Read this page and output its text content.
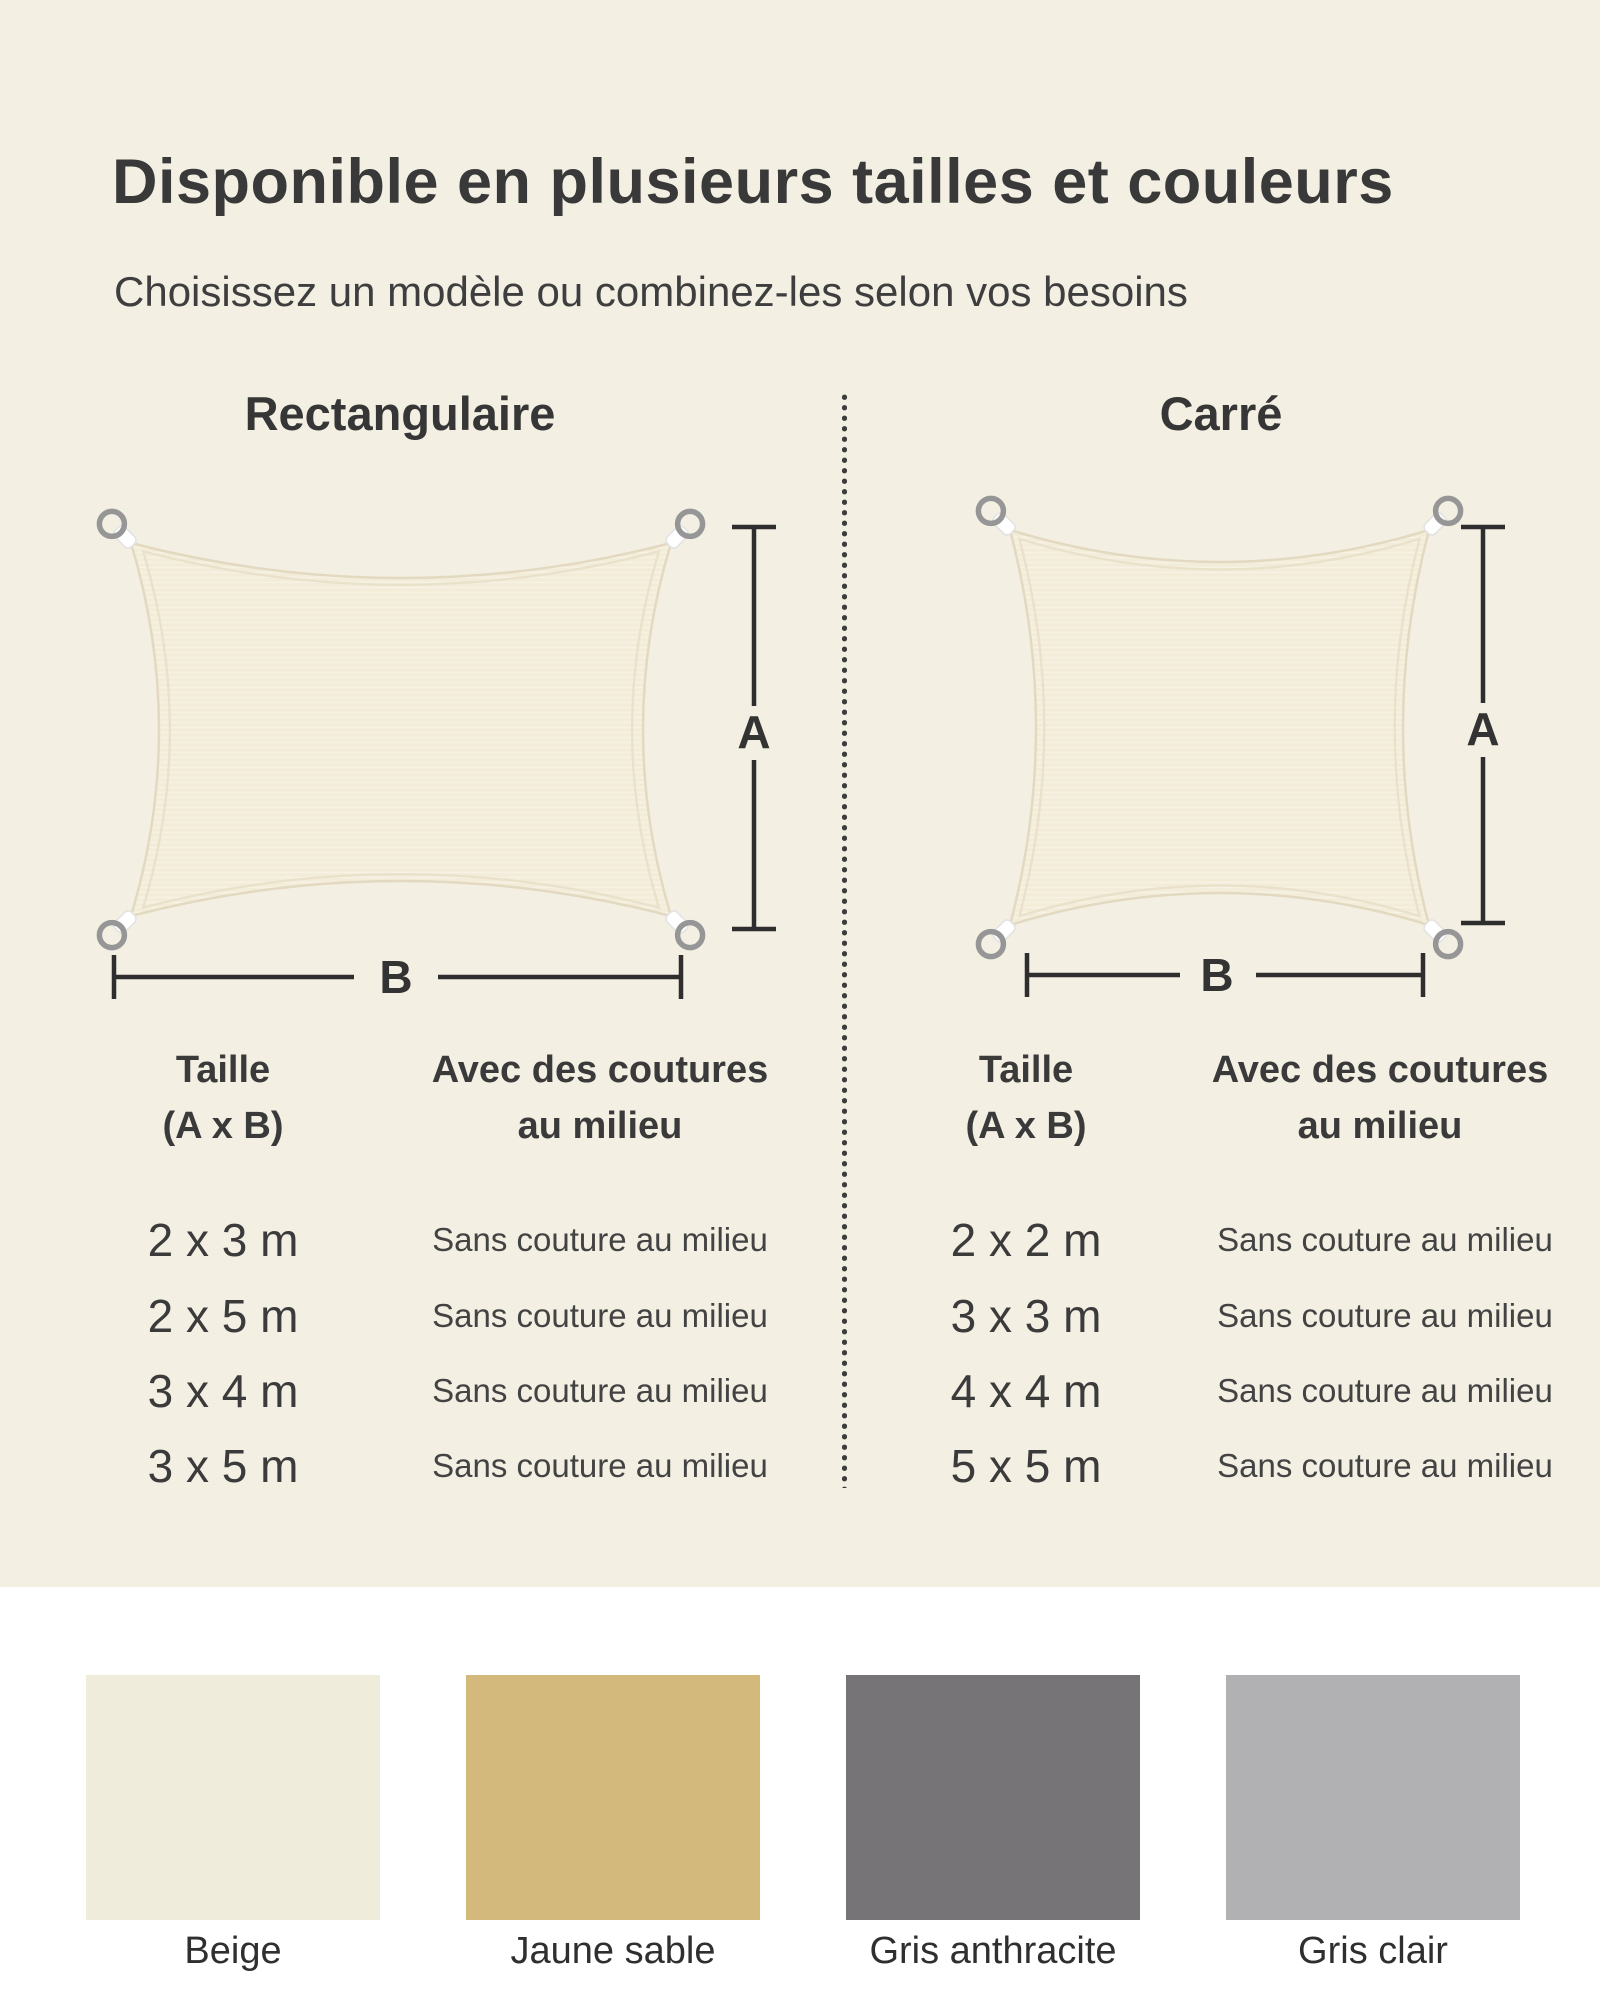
Disponible en plusieurs tailles et couleurs

Choisissez un modèle ou combinez-les selon vos besoins

Rectangulaire	Carré
A
B
A
B
Taille
(A x B)
Avec des coutures
au milieu
2 x 3 m	Sans couture au milieu
2 x 5 m	Sans couture au milieu
3 x 4 m	Sans couture au milieu
3 x 5 m	Sans couture au milieu
Taille
(A x B)
Avec des coutures
au milieu
2 x 2 m	Sans couture au milieu
3 x 3 m	Sans couture au milieu
4 x 4 m	Sans couture au milieu
5 x 5 m	Sans couture au milieu
Beige	Jaune sable	Gris anthracite	Gris clair
